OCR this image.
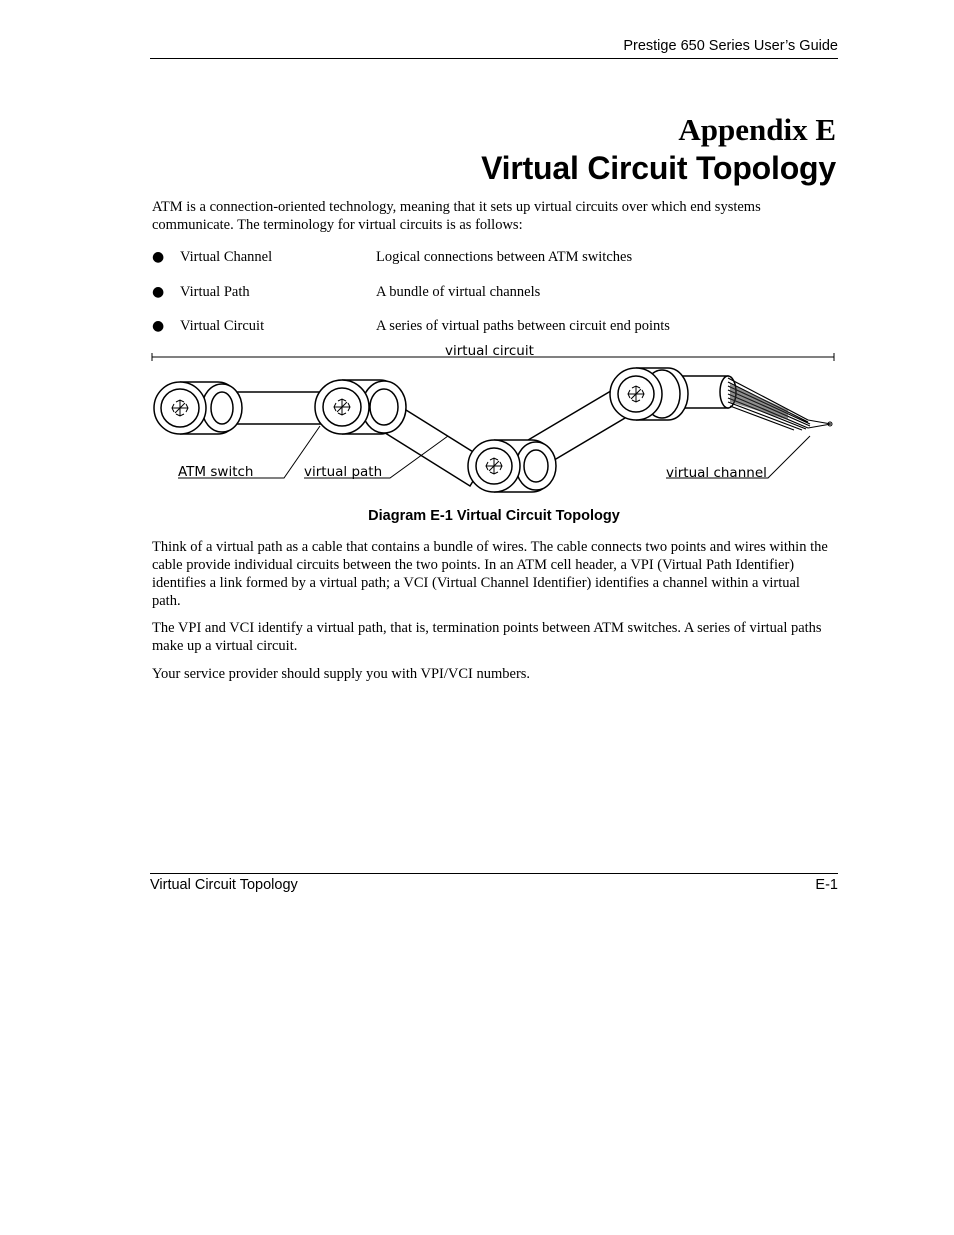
Prestige 650 Series User’s Guide
Appendix E
Virtual Circuit Topology

ATM is a connection-oriented technology, meaning that it sets up virtual circuits over which end systems communicate. The terminology for virtual circuits is as follows:

● Virtual Channel	Logical connections between ATM switches
● Virtual Path	A bundle of virtual channels
● Virtual Circuit	A series of virtual paths between circuit end points
virtual circuit
ATM switch	virtual path	virtual channel
Diagram E-1 Virtual Circuit Topology

Think of a virtual path as a cable that contains a bundle of wires. The cable connects two points and wires within the cable provide individual circuits between the two points. In an ATM cell header, a VPI (Virtual Path Identifier) identifies a link formed by a virtual path; a VCI (Virtual Channel Identifier) identifies a channel within a virtual path.

The VPI and VCI identify a virtual path, that is, termination points between ATM switches. A series of virtual paths make up a virtual circuit.

Your service provider should supply you with VPI/VCI numbers.

Virtual Circuit Topology	E-1
